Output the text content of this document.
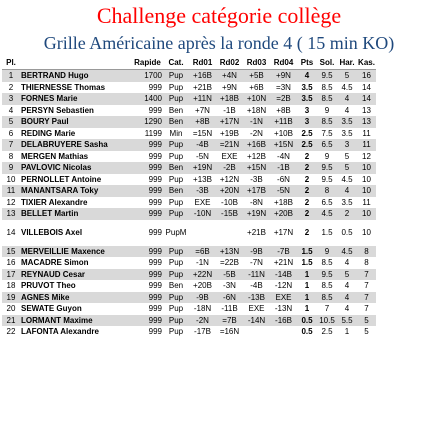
Challenge catégorie collège
Grille Américaine après la ronde 4 ( 15 min KO)
Pl.		Rapide	Cat.	Rd01	Rd02	Rd03	Rd04	Pts	Sol.	Har.	Kas.
1	BERTRAND Hugo	1700	Pup	+16B	+4N	+5B	+9N	4	9.5	5	16
2	THIERNESSE Thomas	999	Pup	+21B	+9N	+6B	=3N	3.5	8.5	4.5	14
3	FORNES Marie	1400	Pup	+11N	+18B	+10N	=2B	3.5	8.5	4	14
4	PERSYN Sebastien	999	Ben	+7N	-1B	+18N	+8B	3	9	4	13
5	BOURY Paul	1290	Ben	+8B	+17N	-1N	+11B	3	8.5	3.5	13
6	REDING Marie	1199	Min	=15N	+19B	-2N	+10B	2.5	7.5	3.5	11
7	DELABRUYERE Sasha	999	Pup	-4B	=21N	+16B	+15N	2.5	6.5	3	11
8	MERGEN Mathias	999	Pup	-5N	EXE	+12B	-4N	2	9	5	12
9	PAVLOVIC Nicolas	999	Ben	+19N	-2B	+15N	-1B	2	9.5	5	10
10	PERNOLLET Antoine	999	Pup	+13B	+12N	-3B	-6N	2	9.5	4.5	10
11	MANANTSARA Toky	999	Ben	-3B	+20N	+17B	-5N	2	8	4	10
12	TIXIER Alexandre	999	Pup	EXE	-10B	-8N	+18B	2	6.5	3.5	11
13	BELLET Martin	999	Pup	-10N	-15B	+19N	+20B	2	4.5	2	10
14	VILLEBOIS Axel	999	PupM			+21B	+17N	2	1.5	0.5	10
15	MERVEILLIE Maxence	999	Pup	=6B	+13N	-9B	-7B	1.5	9	4.5	8
16	MACADRE Simon	999	Pup	-1N	=22B	-7N	+21N	1.5	8.5	4	8
17	REYNAUD Cesar	999	Pup	+22N	-5B	-11N	-14B	1	9.5	5	7
18	PRUVOT Theo	999	Ben	+20B	-3N	-4B	-12N	1	8.5	4	7
19	AGNES Mike	999	Pup	-9B	-6N	-13B	EXE	1	8.5	4	7
20	SEWATE Guyon	999	Pup	-18N	-11B	EXE	-13N	1	7	4	7
21	LORMANT Maxime	999	Pup	-2N	=7B	-14N	-16B	0.5	10.5	5.5	5
22	LAFONTA Alexandre	999	Pup	-17B	=16N			0.5	2.5	1	5
